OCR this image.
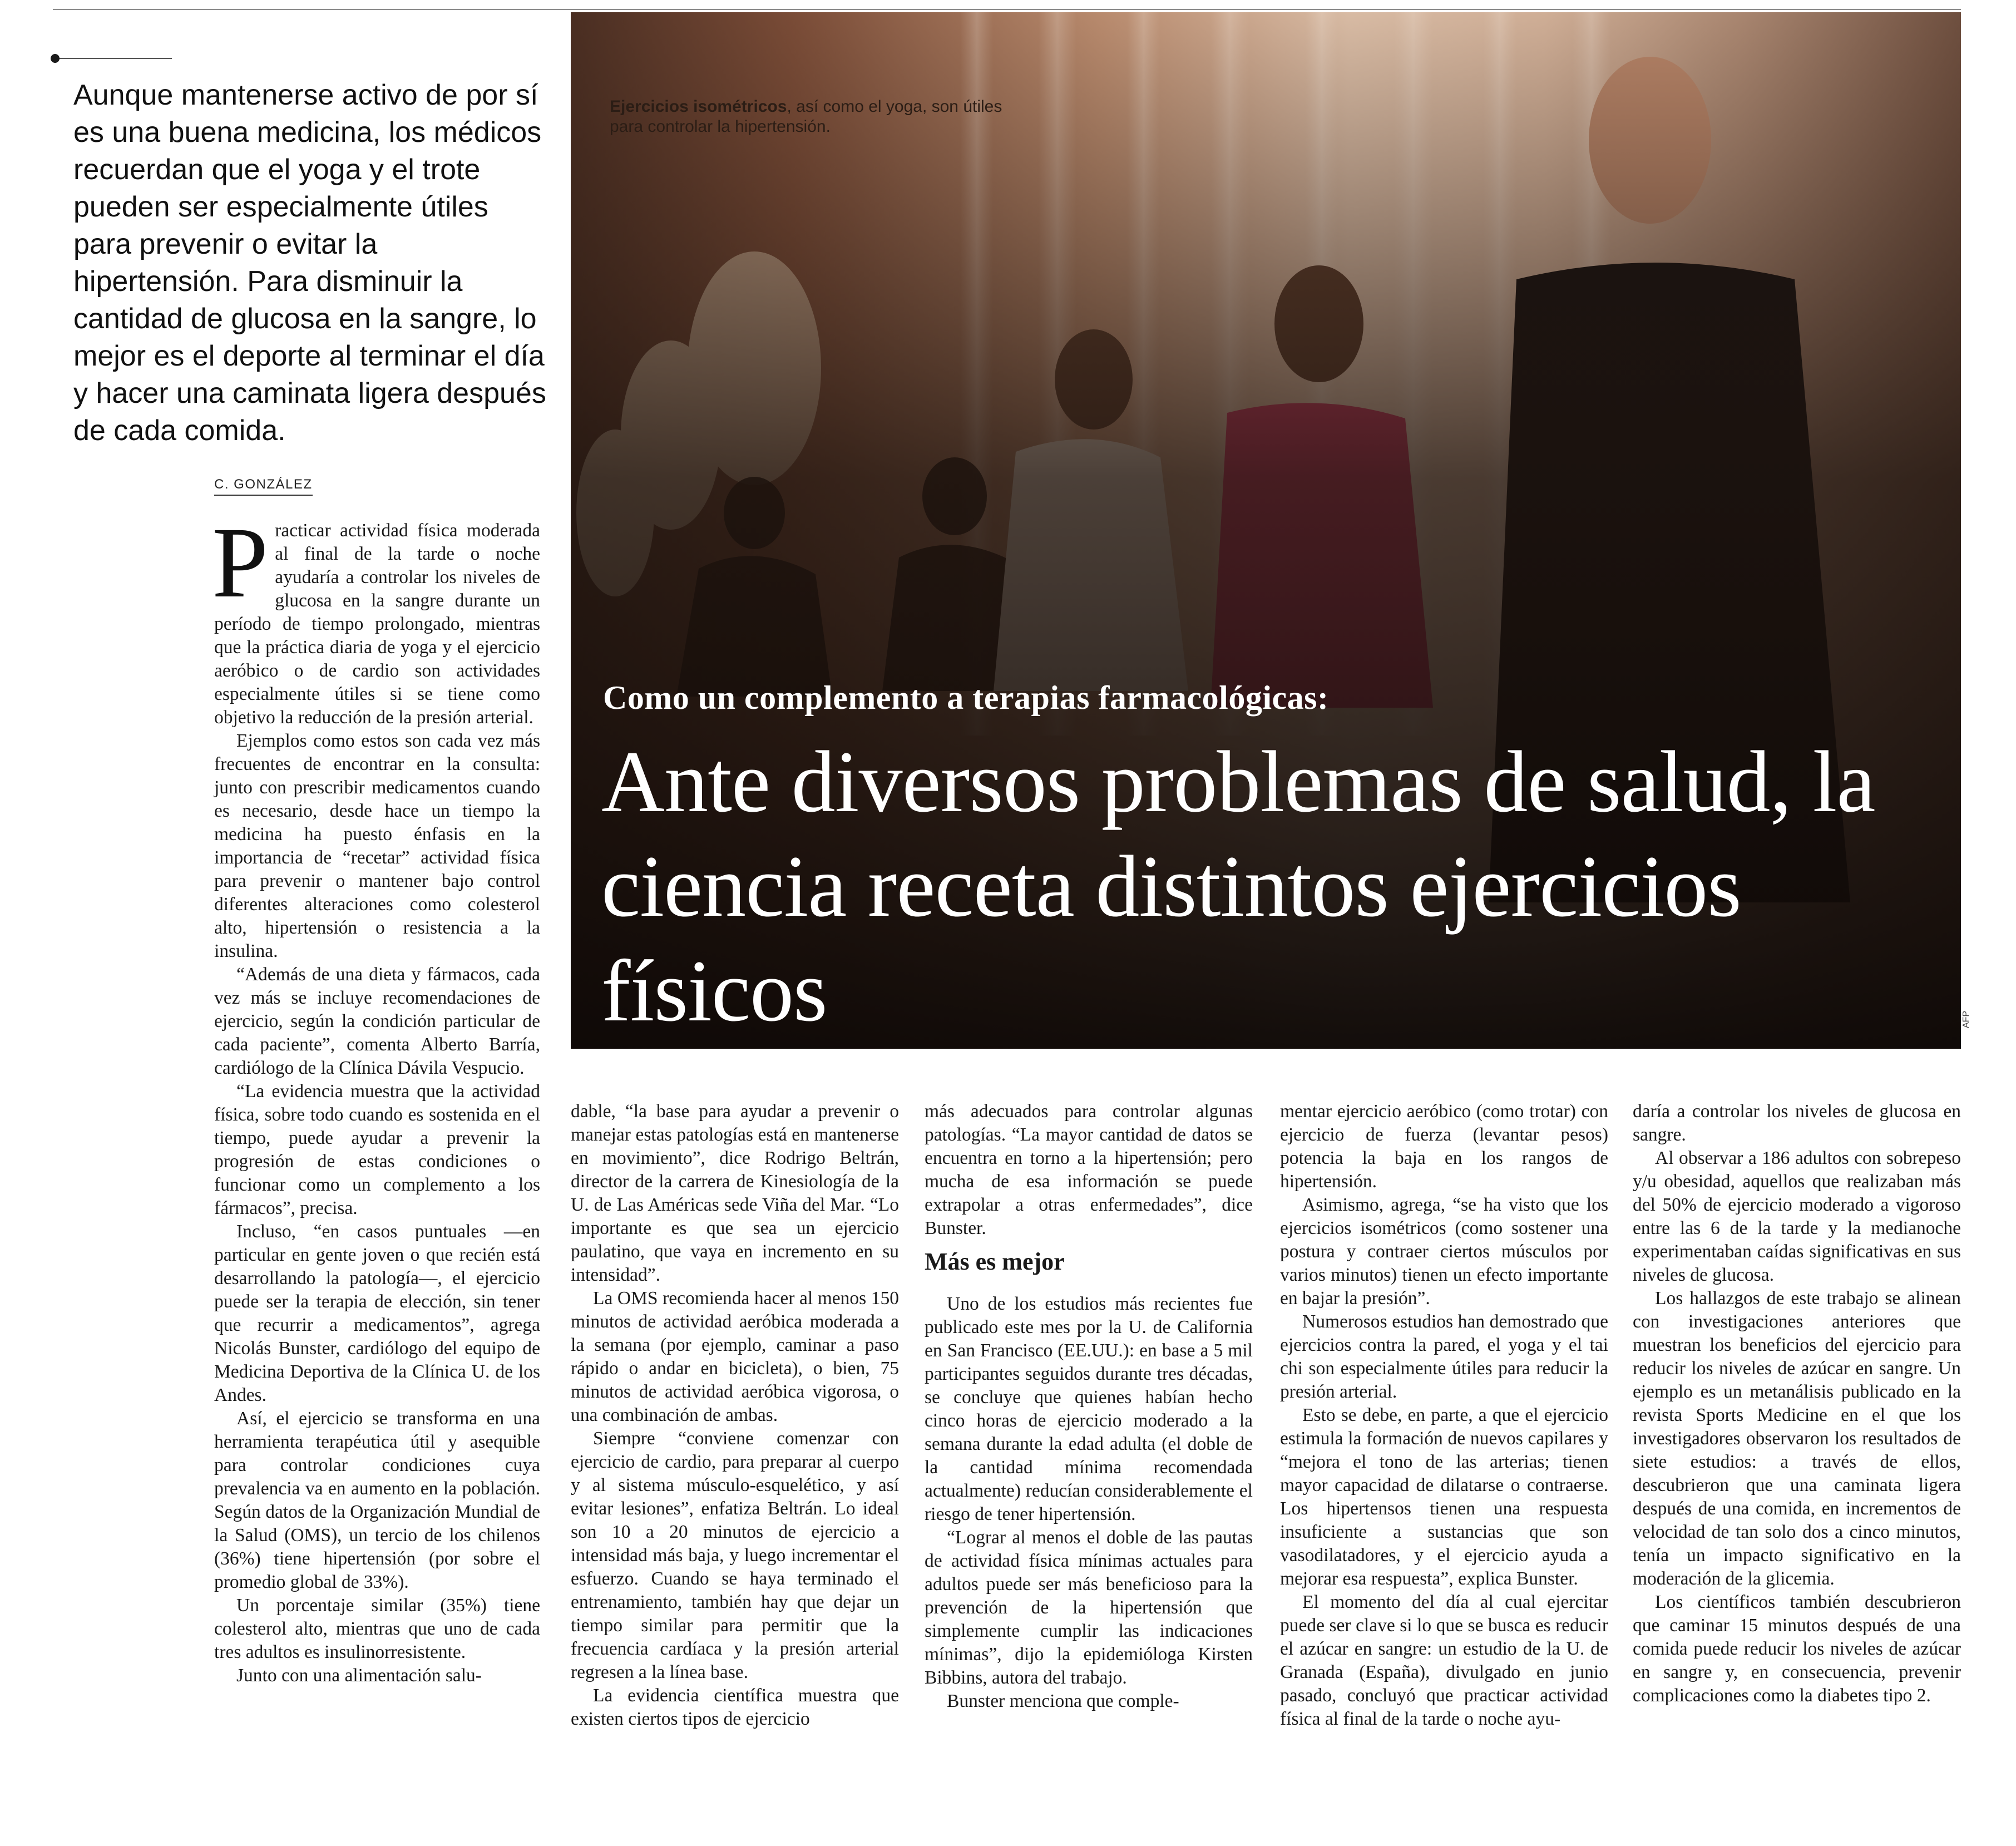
Aunque mantenerse activo de por sí es una buena medicina, los médicos recuerdan que el yoga y el trote pueden ser especialmente útiles para prevenir o evitar la hipertensión. Para disminuir la cantidad de glucosa en la sangre, lo mejor es el deporte al terminar el día y hacer una caminata ligera después de cada comida.

C. GONZÁLEZ

Ejercicios isométricos, así como el yoga, son útiles para controlar la hipertensión.

Como un complemento a terapias farmacológicas:

Ante diversos problemas de salud, la ciencia receta distintos ejercicios físicos	AFP

Practicar actividad física moderada al final de la tarde o noche ayudaría a controlar los niveles de glucosa en la sangre durante un período de tiempo prolongado, mientras que la práctica diaria de yoga y el ejercicio aeróbico o de cardio son actividades especialmente útiles si se tiene como objetivo la reducción de la presión arterial.

Ejemplos como estos son cada vez más frecuentes de encontrar en la consulta: junto con prescribir medicamentos cuando es necesario, desde hace un tiempo la medicina ha puesto énfasis en la importancia de “recetar” actividad física para prevenir o mantener bajo control diferentes alteraciones como colesterol alto, hipertensión o resistencia a la insulina.

“Además de una dieta y fármacos, cada vez más se incluye recomendaciones de ejercicio, según la condición particular de cada paciente”, comenta Alberto Barría, cardiólogo de la Clínica Dávila Vespucio.

“La evidencia muestra que la actividad física, sobre todo cuando es sostenida en el tiempo, puede ayudar a prevenir la progresión de estas condiciones o funcionar como un complemento a los fármacos”, precisa.

Incluso, “en casos puntuales —en particular en gente joven o que recién está desarrollando la patología—, el ejercicio puede ser la terapia de elección, sin tener que recurrir a medicamentos”, agrega Nicolás Bunster, cardiólogo del equipo de Medicina Deportiva de la Clínica U. de los Andes.

Así, el ejercicio se transforma en una herramienta terapéutica útil y asequible para controlar condiciones cuya prevalencia va en aumento en la población. Según datos de la Organización Mundial de la Salud (OMS), un tercio de los chilenos (36%) tiene hipertensión (por sobre el promedio global de 33%).

Un porcentaje similar (35%) tiene colesterol alto, mientras que uno de cada tres adultos es insulinorresistente.

Junto con una alimentación salu-

dable, “la base para ayudar a prevenir o manejar estas patologías está en mantenerse en movimiento”, dice Rodrigo Beltrán, director de la carrera de Kinesiología de la U. de Las Américas sede Viña del Mar. “Lo importante es que sea un ejercicio paulatino, que vaya en incremento en su intensidad”.

La OMS recomienda hacer al menos 150 minutos de actividad aeróbica moderada a la semana (por ejemplo, caminar a paso rápido o andar en bicicleta), o bien, 75 minutos de actividad aeróbica vigorosa, o una combinación de ambas.

Siempre “conviene comenzar con ejercicio de cardio, para preparar al cuerpo y al sistema músculo-esquelético, y así evitar lesiones”, enfatiza Beltrán. Lo ideal son 10 a 20 minutos de ejercicio a intensidad más baja, y luego incrementar el esfuerzo. Cuando se haya terminado el entrenamiento, también hay que dejar un tiempo similar para permitir que la frecuencia cardíaca y la presión arterial regresen a la línea base.

La evidencia científica muestra que existen ciertos tipos de ejercicio

más adecuados para controlar algunas patologías. “La mayor cantidad de datos se encuentra en torno a la hipertensión; pero mucha de esa información se puede extrapolar a otras enfermedades”, dice Bunster.

Más es mejor

Uno de los estudios más recientes fue publicado este mes por la U. de California en San Francisco (EE.UU.): en base a 5 mil participantes seguidos durante tres décadas, se concluye que quienes habían hecho cinco horas de ejercicio moderado a la semana durante la edad adulta (el doble de la cantidad mínima recomendada actualmente) reducían considerablemente el riesgo de tener hipertensión.

“Lograr al menos el doble de las pautas de actividad física mínimas actuales para adultos puede ser más beneficioso para la prevención de la hipertensión que simplemente cumplir las indicaciones mínimas”, dijo la epidemióloga Kirsten Bibbins, autora del trabajo.

Bunster menciona que comple-

mentar ejercicio aeróbico (como trotar) con ejercicio de fuerza (levantar pesos) potencia la baja en los rangos de hipertensión.

Asimismo, agrega, “se ha visto que los ejercicios isométricos (como sostener una postura y contraer ciertos músculos por varios minutos) tienen un efecto importante en bajar la presión”.

Numerosos estudios han demostrado que ejercicios contra la pared, el yoga y el tai chi son especialmente útiles para reducir la presión arterial.

Esto se debe, en parte, a que el ejercicio estimula la formación de nuevos capilares y “mejora el tono de las arterias; tienen mayor capacidad de dilatarse o contraerse. Los hipertensos tienen una respuesta insuficiente a sustancias que son vasodilatadores, y el ejercicio ayuda a mejorar esa respuesta”, explica Bunster.

El momento del día al cual ejercitar puede ser clave si lo que se busca es reducir el azúcar en sangre: un estudio de la U. de Granada (España), divulgado en junio pasado, concluyó que practicar actividad física al final de la tarde o noche ayu-

daría a controlar los niveles de glucosa en sangre.

Al observar a 186 adultos con sobrepeso y/u obesidad, aquellos que realizaban más del 50% de ejercicio moderado a vigoroso entre las 6 de la tarde y la medianoche experimentaban caídas significativas en sus niveles de glucosa.

Los hallazgos de este trabajo se alinean con investigaciones anteriores que muestran los beneficios del ejercicio para reducir los niveles de azúcar en sangre. Un ejemplo es un metanálisis publicado en la revista Sports Medicine en el que los investigadores observaron los resultados de siete estudios: a través de ellos, descubrieron que una caminata ligera después de una comida, en incrementos de velocidad de tan solo dos a cinco minutos, tenía un impacto significativo en la moderación de la glicemia.

Los científicos también descubrieron que caminar 15 minutos después de una comida puede reducir los niveles de azúcar en sangre y, en consecuencia, prevenir complicaciones como la diabetes tipo 2.
